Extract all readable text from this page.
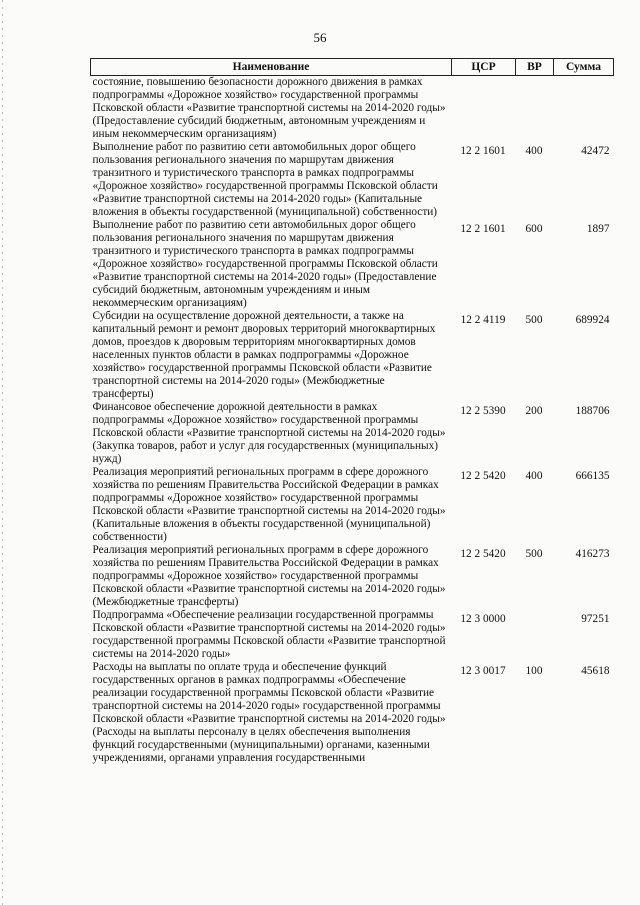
56
Наименование	ЦСР	ВР	Сумма
состояние, повышению безопасности дорожного движения в рамках подпрограммы «Дорожное хозяйство» государственной программы Псковской области «Развитие транспортной системы на 2014-2020 годы» (Предоставление субсидий бюджетным, автономным учреждениям и иным некоммерческим организациям)			
Выполнение работ по развитию сети автомобильных дорог общего пользования регионального значения по маршрутам движения транзитного и туристического транспорта в рамках подпрограммы «Дорожное хозяйство» государственной программы Псковской области «Развитие транспортной системы на 2014-2020 годы» (Капитальные вложения в объекты государственной (муниципальной) собственности)	12 2 1601	400	42472
Выполнение работ по развитию сети автомобильных дорог общего пользования регионального значения по маршрутам движения транзитного и туристического транспорта в рамках подпрограммы «Дорожное хозяйство» государственной программы Псковской области «Развитие транспортной системы на 2014-2020 годы» (Предоставление субсидий бюджетным, автономным учреждениям и иным некоммерческим организациям)	12 2 1601	600	1897
Субсидии на осуществление дорожной деятельности, а также на капитальный ремонт и ремонт дворовых территорий многоквартирных домов, проездов к дворовым территориям многоквартирных домов населенных пунктов области в рамках подпрограммы «Дорожное хозяйство» государственной программы Псковской области «Развитие транспортной системы на 2014-2020 годы» (Межбюджетные трансферты)	12 2 4119	500	689924
Финансовое обеспечение дорожной деятельности в рамках подпрограммы «Дорожное хозяйство» государственной программы Псковской области «Развитие транспортной системы на 2014-2020 годы» (Закупка товаров, работ и услуг для государственных (муниципальных) нужд)	12 2 5390	200	188706
Реализация мероприятий региональных программ в сфере дорожного хозяйства по решениям Правительства Российской Федерации в рамках подпрограммы «Дорожное хозяйство» государственной программы Псковской области «Развитие транспортной системы на 2014-2020 годы» (Капитальные вложения в объекты государственной (муниципальной) собственности)	12 2 5420	400	666135
Реализация мероприятий региональных программ в сфере дорожного хозяйства по решениям Правительства Российской Федерации в рамках подпрограммы «Дорожное хозяйство» государственной программы Псковской области «Развитие транспортной системы на 2014-2020 годы» (Межбюджетные трансферты)	12 2 5420	500	416273
Подпрограмма «Обеспечение реализации государственной программы Псковской области «Развитие транспортной системы на 2014-2020 годы» государственной программы Псковской области «Развитие транспортной системы на 2014-2020 годы»	12 3 0000		97251
Расходы на выплаты по оплате труда и обеспечение функций государственных органов в рамках подпрограммы «Обеспечение реализации государственной программы Псковской области «Развитие транспортной системы на 2014-2020 годы» государственной программы Псковской области «Развитие транспортной системы на 2014-2020 годы» (Расходы на выплаты персоналу в целях обеспечения выполнения функций государственными (муниципальными) органами, казенными учреждениями, органами управления государственными	12 3 0017	100	45618
